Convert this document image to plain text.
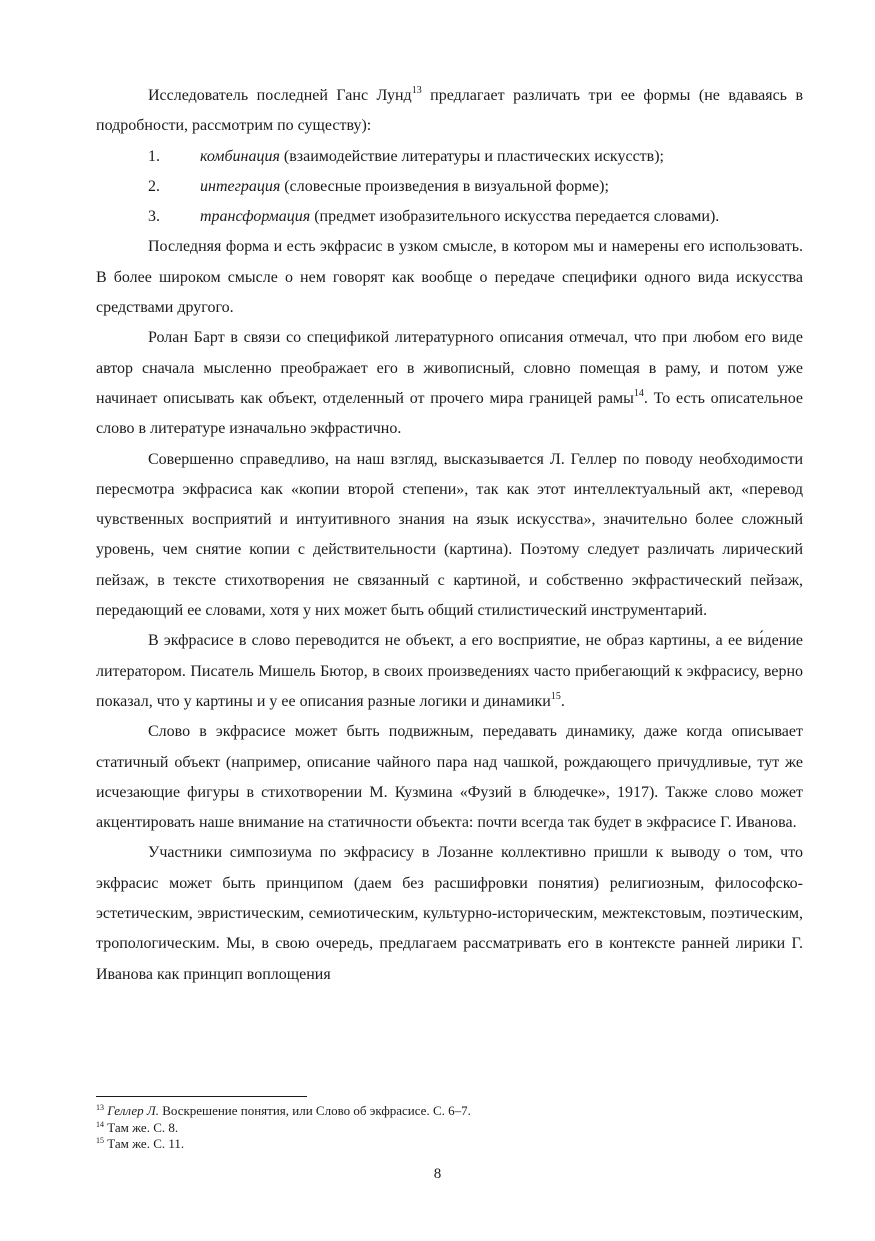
Исследователь последней Ганс Лунд$^{13}$ предлагает различать три ее формы (не вдаваясь в подробности, рассмотрим по существу):

1.	комбинация (взаимодействие литературы и пластических искусств);

2.	интеграция (словесные произведения в визуальной форме);

3.	трансформация (предмет изобразительного искусства передается словами).

Последняя форма и есть экфрасис в узком смысле, в котором мы и намерены его использовать. В более широком смысле о нем говорят как вообще о передаче специфики одного вида искусства средствами другого.

Ролан Барт в связи со спецификой литературного описания отмечал, что при любом его виде автор сначала мысленно преображает его в живописный, словно помещая в раму, и потом уже начинает описывать как объект, отделенный от прочего мира границей рамы$^{14}$. То есть описательное слово в литературе изначально экфрастично.

Совершенно справедливо, на наш взгляд, высказывается Л. Геллер по поводу необходимости пересмотра экфрасиса как «копии второй степени», так как этот интеллектуальный акт, «перевод чувственных восприятий и интуитивного знания на язык искусства», значительно более сложный уровень, чем снятие копии с действительности (картина). Поэтому следует различать лирический пейзаж, в тексте стихотворения не связанный с картиной, и собственно экфрастический пейзаж, передающий ее словами, хотя у них может быть общий стилистический инструментарий.

В экфрасисе в слово переводится не объект, а его восприятие, не образ картины, а ее ви́дение литератором. Писатель Мишель Бютор, в своих произведениях часто прибегающий к экфрасису, верно показал, что у картины и у ее описания разные логики и динамики$^{15}$.

Слово в экфрасисе может быть подвижным, передавать динамику, даже когда описывает статичный объект (например, описание чайного пара над чашкой, рождающего причудливые, тут же исчезающие фигуры в стихотворении М. Кузмина «Фузий в блюдечке», 1917). Также слово может акцентировать наше внимание на статичности объекта: почти всегда так будет в экфрасисе Г. Иванова.

Участники симпозиума по экфрасису в Лозанне коллективно пришли к выводу о том, что экфрасис может быть принципом (даем без расшифровки понятия) религиозным, философско-эстетическим, эвристическим, семиотическим, культурно-историческим, межтекстовым, поэтическим, тропологическим. Мы, в свою очередь, предлагаем рассматривать его в контексте ранней лирики Г. Иванова как принцип воплощения

$^{13}$ Геллер Л. Воскрешение понятия, или Слово об экфрасисе. С. 6–7.

$^{14}$ Там же. С. 8.

$^{15}$ Там же. С. 11.

8
